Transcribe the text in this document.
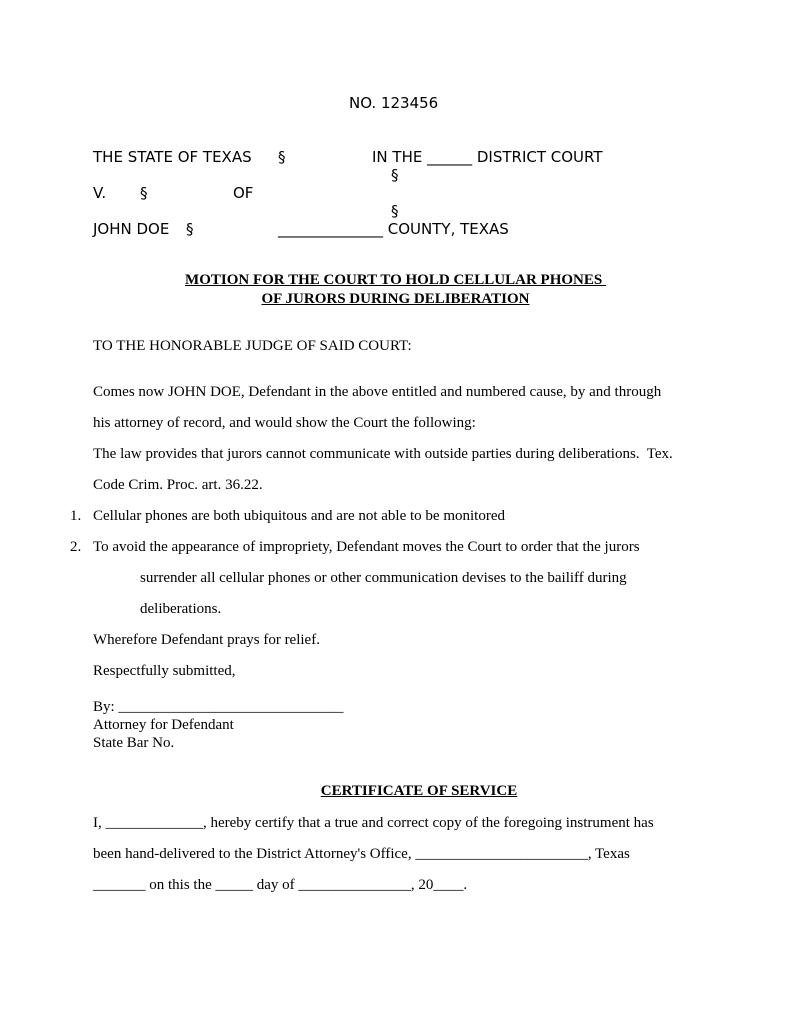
NO. 123456
THE STATE OF TEXAS §	IN THE ______ DISTRICT COURT
§
V. §	OF
§
JOHN DOE §	______________ COUNTY, TEXAS
MOTION FOR THE COURT TO HOLD CELLULAR PHONES
OF JURORS DURING DELIBERATION
TO THE HONORABLE JUDGE OF SAID COURT:
Comes now JOHN DOE, Defendant in the above entitled and numbered cause, by and through
his attorney of record, and would show the Court the following:
The law provides that jurors cannot communicate with outside parties during deliberations.  Tex.
Code Crim. Proc. art. 36.22.
1. Cellular phones are both ubiquitous and are not able to be monitored
2. To avoid the appearance of impropriety, Defendant moves the Court to order that the jurors
surrender all cellular phones or other communication devises to the bailiff during
deliberations.
Wherefore Defendant prays for relief.
Respectfully submitted,
By: ______________________________
Attorney for Defendant
State Bar No.
CERTIFICATE OF SERVICE
I, _____________, hereby certify that a true and correct copy of the foregoing instrument has
been hand-delivered to the District Attorney's Office, _______________________, Texas
_______ on this the _____ day of _______________, 20____.
